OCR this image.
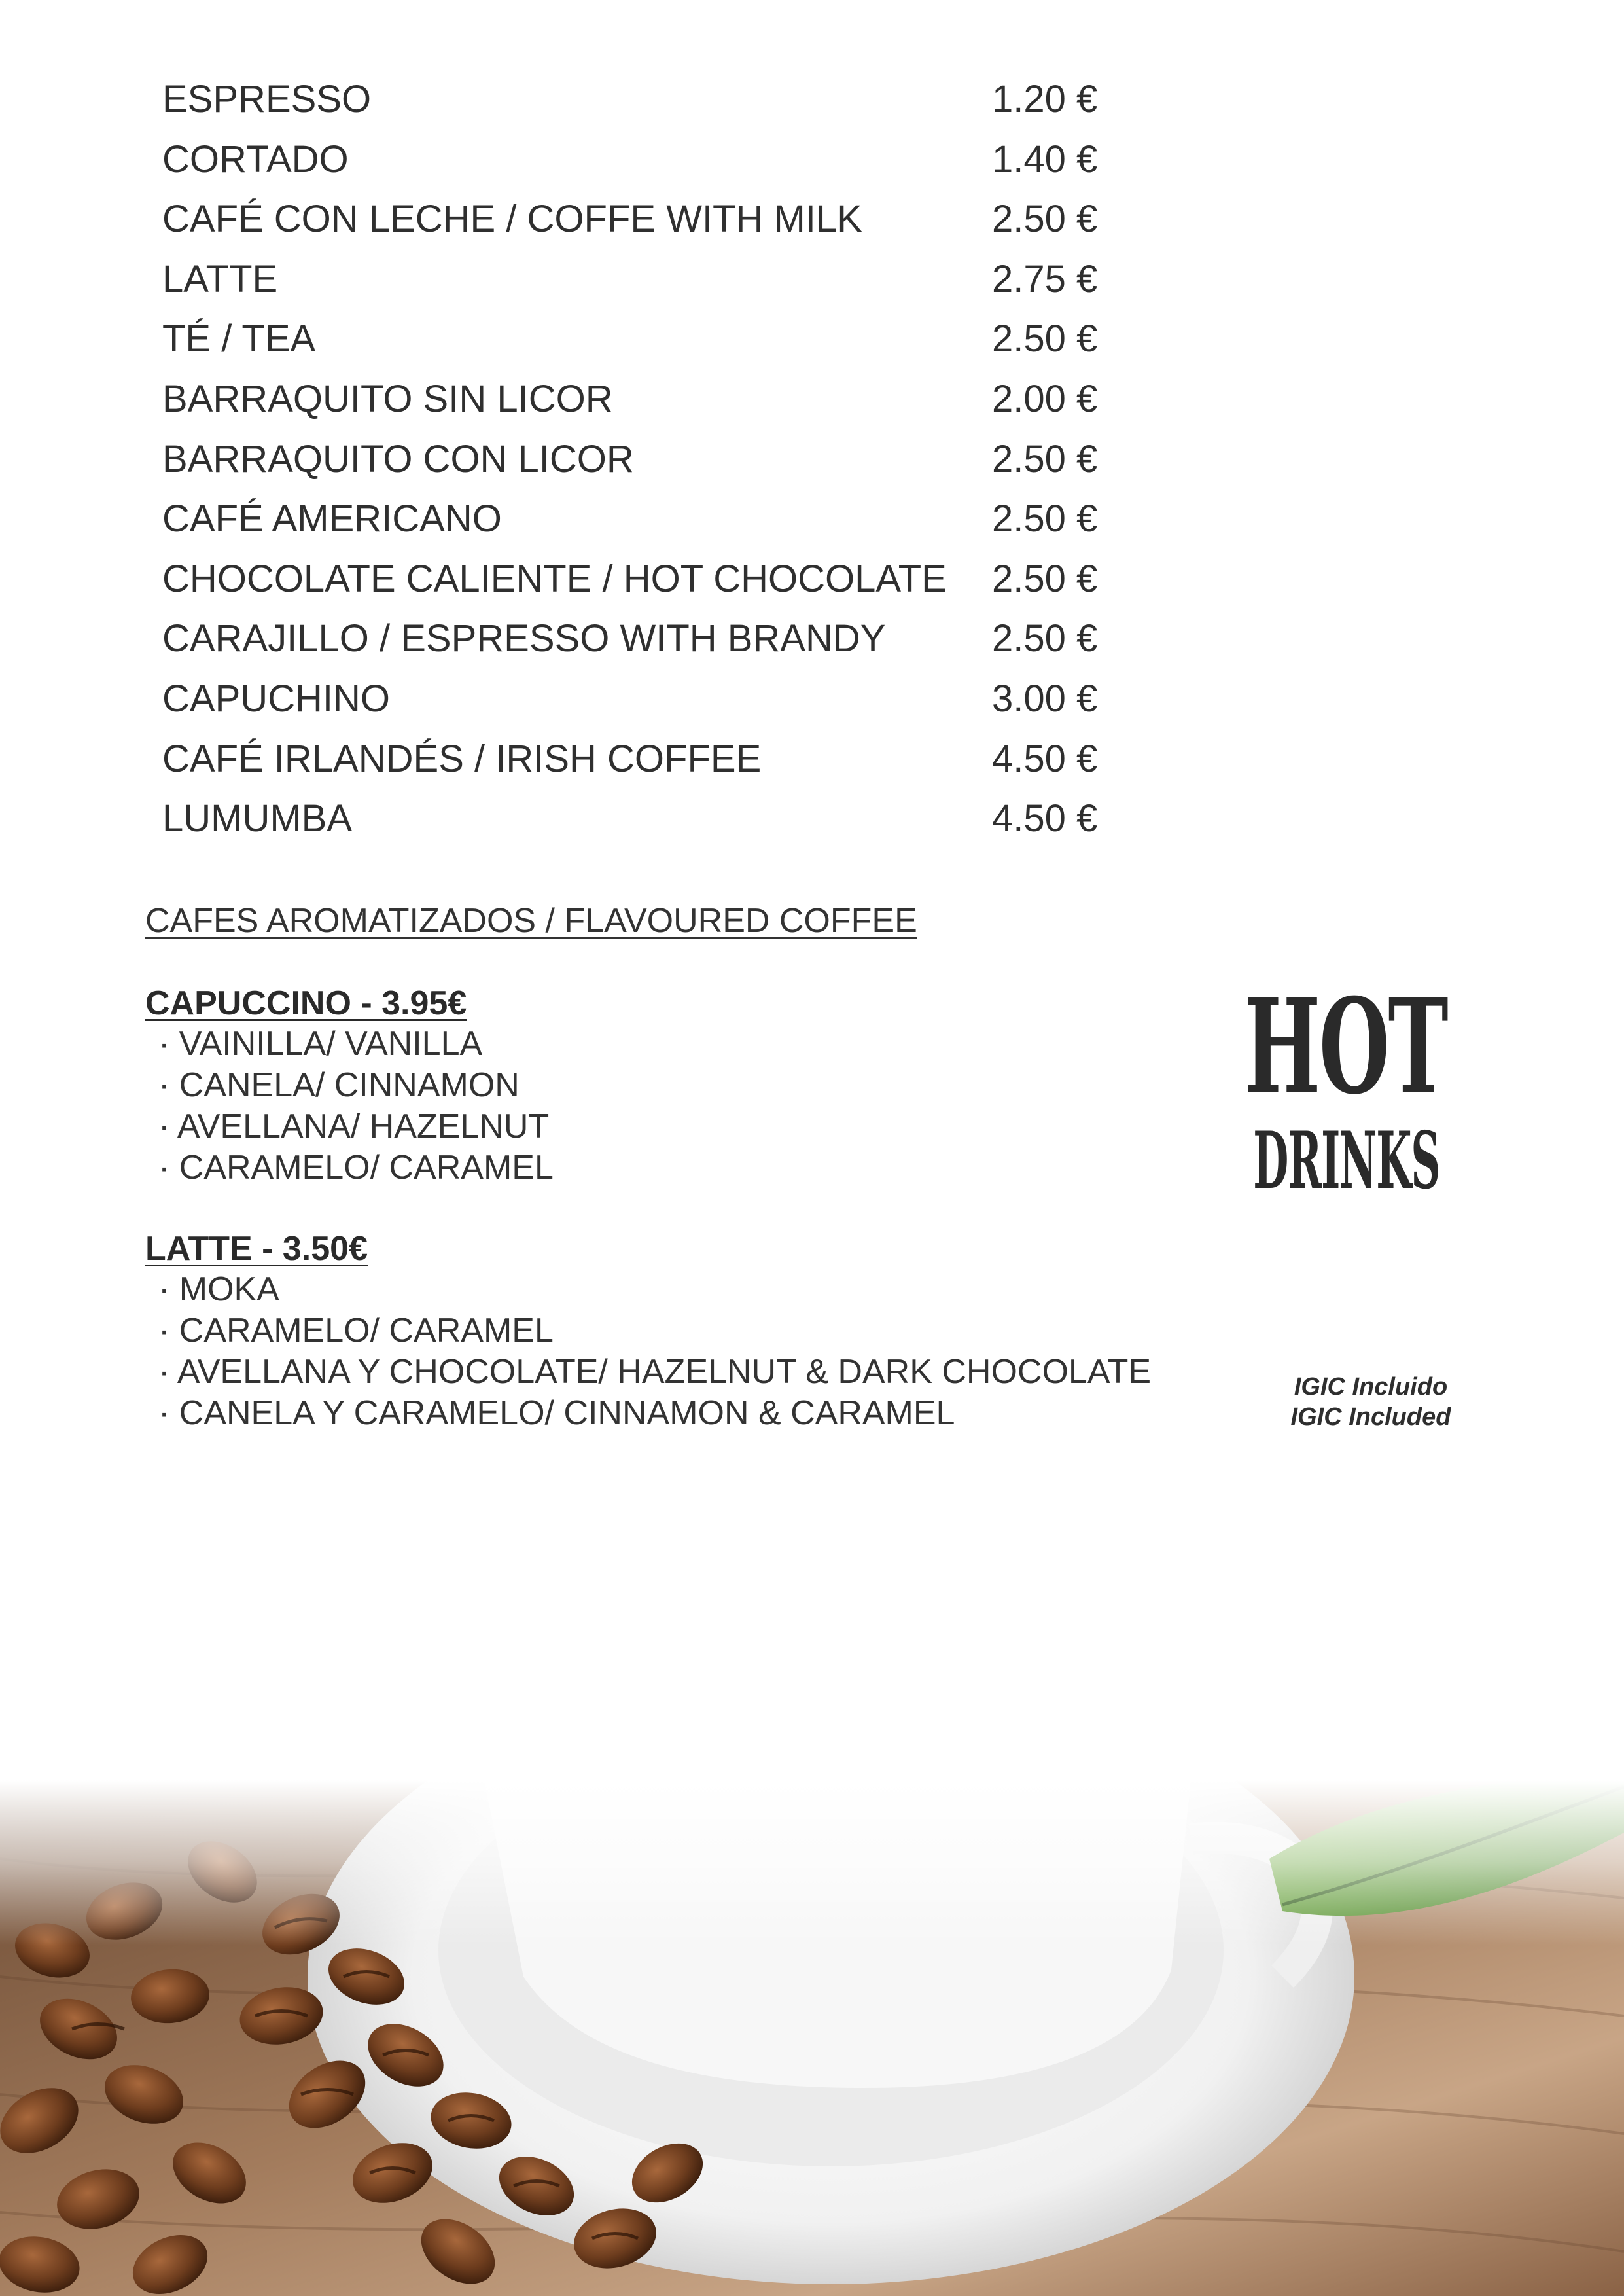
ESPRESSO	1.20 €
CORTADO	1.40 €
CAFÉ CON LECHE / COFFE WITH MILK	2.50 €
LATTE	2.75 €
TÉ / TEA	2.50 €
BARRAQUITO SIN LICOR	2.00 €
BARRAQUITO CON LICOR	2.50 €
CAFÉ AMERICANO	2.50 €
CHOCOLATE CALIENTE / HOT CHOCOLATE 2.50 €
CARAJILLO / ESPRESSO WITH BRANDY	2.50 €
CAPUCHINO	3.00 €
CAFÉ IRLANDÉS / IRISH COFFEE	4.50 €
LUMUMBA	4.50 €
CAFES AROMATIZADOS / FLAVOURED COFFEE
CAPUCCINO - 3.95€
· VAINILLA/ VANILLA
· CANELA/ CINNAMON
· AVELLANA/ HAZELNUT
· CARAMELO/ CARAMEL
LATTE - 3.50€
· MOKA
· CARAMELO/ CARAMEL
· AVELLANA Y CHOCOLATE/ HAZELNUT & DARK CHOCOLATE
· CANELA Y CARAMELO/ CINNAMON & CARAMEL
HOT
DRINKS
IGIC Incluido
IGIC Included
